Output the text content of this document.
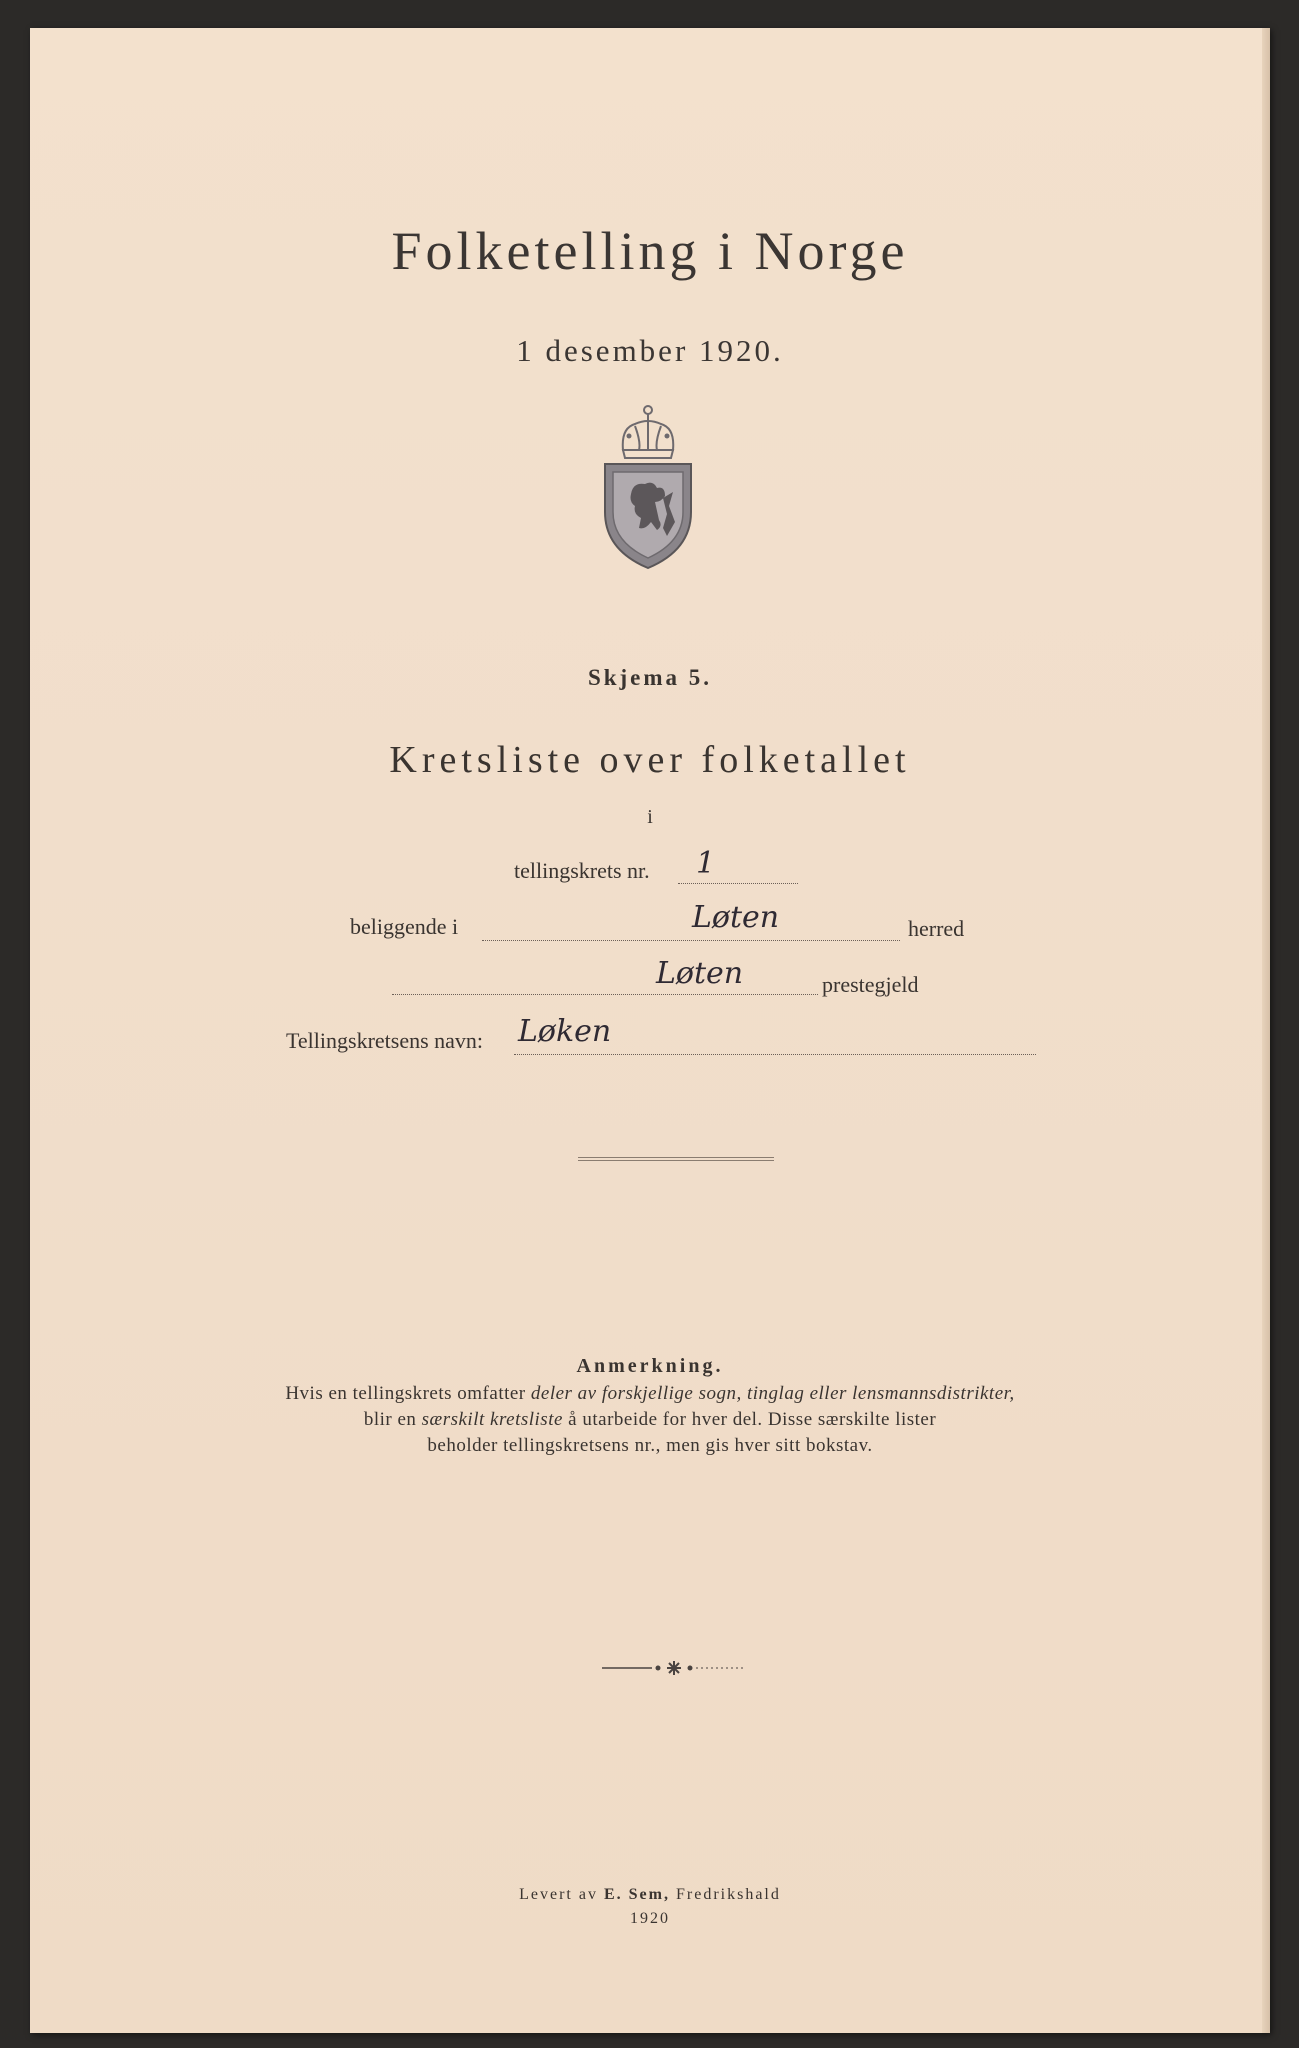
Folketelling i Norge
1 desember 1920.
Skjema 5.
Kretsliste over folketallet
i
tellingskrets nr. 1
beliggende i	Løten	herred
Løten	prestegjeld
Tellingskretsens navn: Løken
Anmerkning.
Hvis en tellingskrets omfatter deler av forskjellige sogn, tinglag eller lensmannsdistrikter,
blir en særskilt kretsliste å utarbeide for hver del. Disse særskilte lister
beholder tellingskretsens nr., men gis hver sitt bokstav.
Levert av E. Sem, Fredrikshald
1920
